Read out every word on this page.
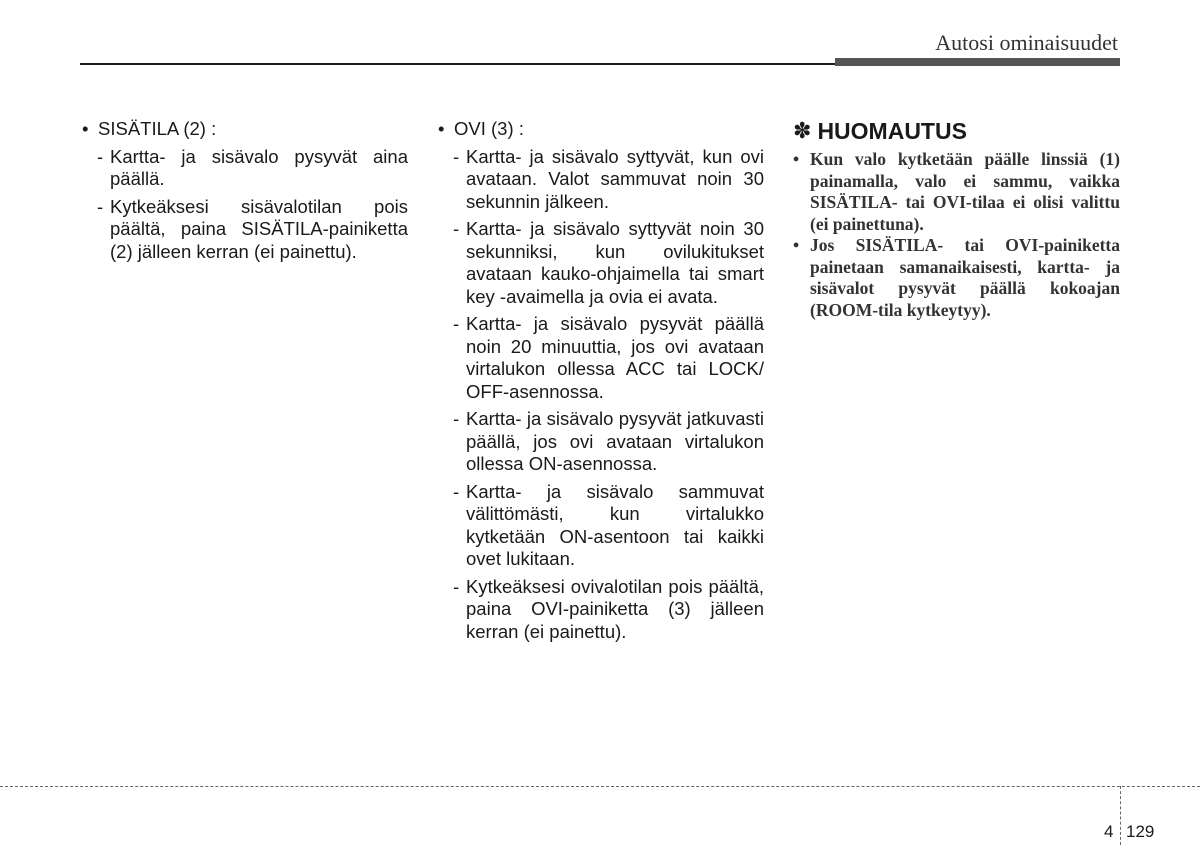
Autosi ominaisuudet
• SISÄTILA (2) :
- Kartta- ja sisävalo pysyvät aina päällä.
- Kytkeäksesi sisävalotilan pois päältä, paina SISÄTILA-painiketta (2) jälleen kerran (ei painettu).
• OVI (3) :
- Kartta- ja sisävalo syttyvät, kun ovi avataan. Valot sammuvat noin 30 sekunnin jälkeen.
- Kartta- ja sisävalo syttyvät noin 30 sekunniksi, kun ovilukitukset avataan kauko-ohjaimella tai smart key -avaimella ja ovia ei avata.
- Kartta- ja sisävalo pysyvät päällä noin 20 minuuttia, jos ovi avataan virtalukon ollessa ACC tai LOCK/ OFF-asennossa.
- Kartta- ja sisävalo pysyvät jatkuvasti päällä, jos ovi avataan virtalukon ollessa ON-asennossa.
- Kartta- ja sisävalo sammuvat välittömästi, kun virtalukko kytketään ON-asentoon tai kaikki ovet lukitaan.
- Kytkeäksesi ovivalotilan pois päältä, paina OVI-painiketta (3) jälleen kerran (ei painettu).
✽ HUOMAUTUS
• Kun valo kytketään päälle linssiä (1) painamalla, valo ei sammu, vaikka SISÄTILA- tai OVI-tilaa ei olisi valittu (ei painettuna).
• Jos SISÄTILA- tai OVI-painiketta painetaan samanaikaisesti, kartta- ja sisävalot pysyvät päällä kokoajan (ROOM-tila kytkeytyy).
4 129
